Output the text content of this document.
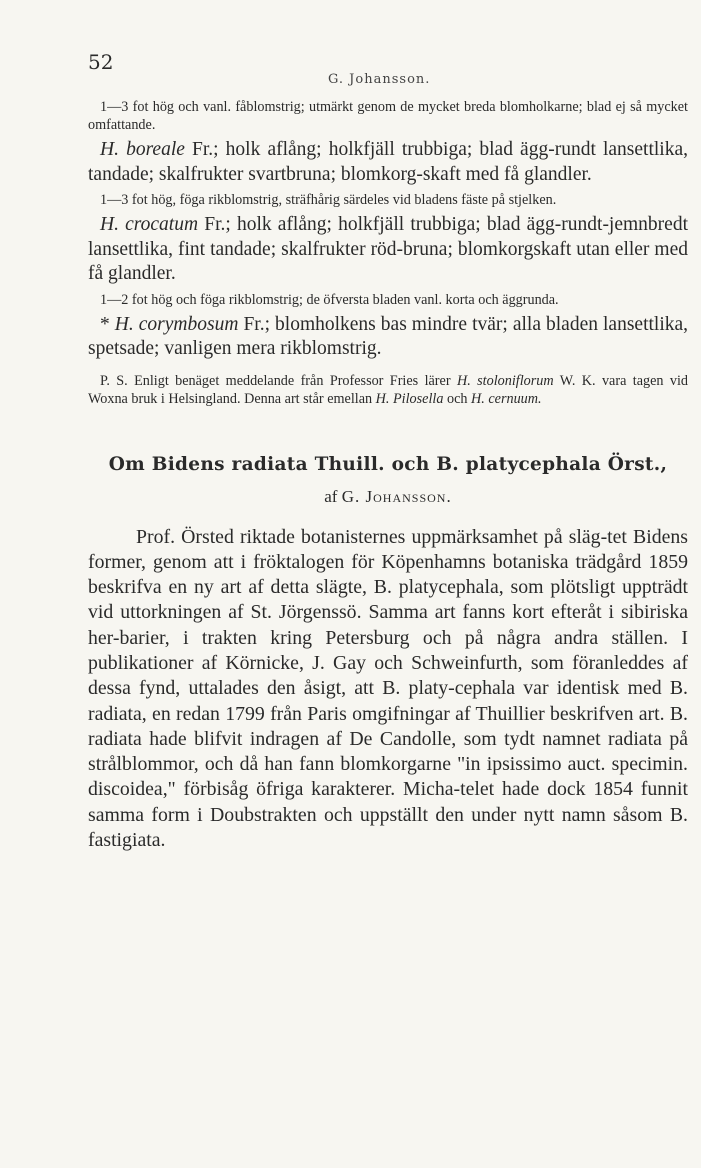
52
G. Johansson.

1—3 fot hög och vanl. fåblomstrig; utmärkt genom de mycket breda blomholkarne; blad ej så mycket omfattande.

H. boreale Fr.; holk aflång; holkfjäll trubbiga; blad ägg-rundt lansettlika, tandade; skalfrukter svartbruna; blomkorg-skaft med få glandler.

1—3 fot hög, föga rikblomstrig, sträfhårig särdeles vid bladens fäste på stjelken.

H. crocatum Fr.; holk aflång; holkfjäll trubbiga; blad ägg-rundt-jemnbredt lansettlika, fint tandade; skalfrukter röd-bruna; blomkorgskaft utan eller med få glandler.

1—2 fot hög och föga rikblomstrig; de öfversta bladen vanl. korta och äggrunda.

* H. corymbosum Fr.; blomholkens bas mindre tvär; alla bladen lansettlika, spetsade; vanligen mera rikblomstrig.

P. S. Enligt benäget meddelande från Professor Fries lärer H. stoloniflorum W. K. vara tagen vid Woxna bruk i Helsingland. Denna art står emellan H. Pilosella och H. cernuum.

Om Bidens radiata Thuill. och B. platycephala Örst.,
af G. Johansson.

Prof. Örsted riktade botanisternes uppmärksamhet på släg-tet Bidens former, genom att i fröktalogen för Köpenhamns botaniska trädgård 1859 beskrifva en ny art af detta slägte, B. platycephala, som plötsligt uppträdt vid uttorkningen af St. Jörgenssö. Samma art fanns kort efteråt i sibiriska her-barier, i trakten kring Petersburg och på några andra ställen. I publikationer af Körnicke, J. Gay och Schweinfurth, som föranleddes af dessa fynd, uttalades den åsigt, att B. platy-cephala var identisk med B. radiata, en redan 1799 från Paris omgifningar af Thuillier beskrifven art. B. radiata hade blifvit indragen af De Candolle, som tydt namnet radiata på strålblommor, och då han fann blomkorgarne "in ipsissimo auct. specimin. discoidea," förbisåg öfriga karakterer. Micha-telet hade dock 1854 funnit samma form i Doubstrakten och uppställt den under nytt namn såsom B. fastigiata.
